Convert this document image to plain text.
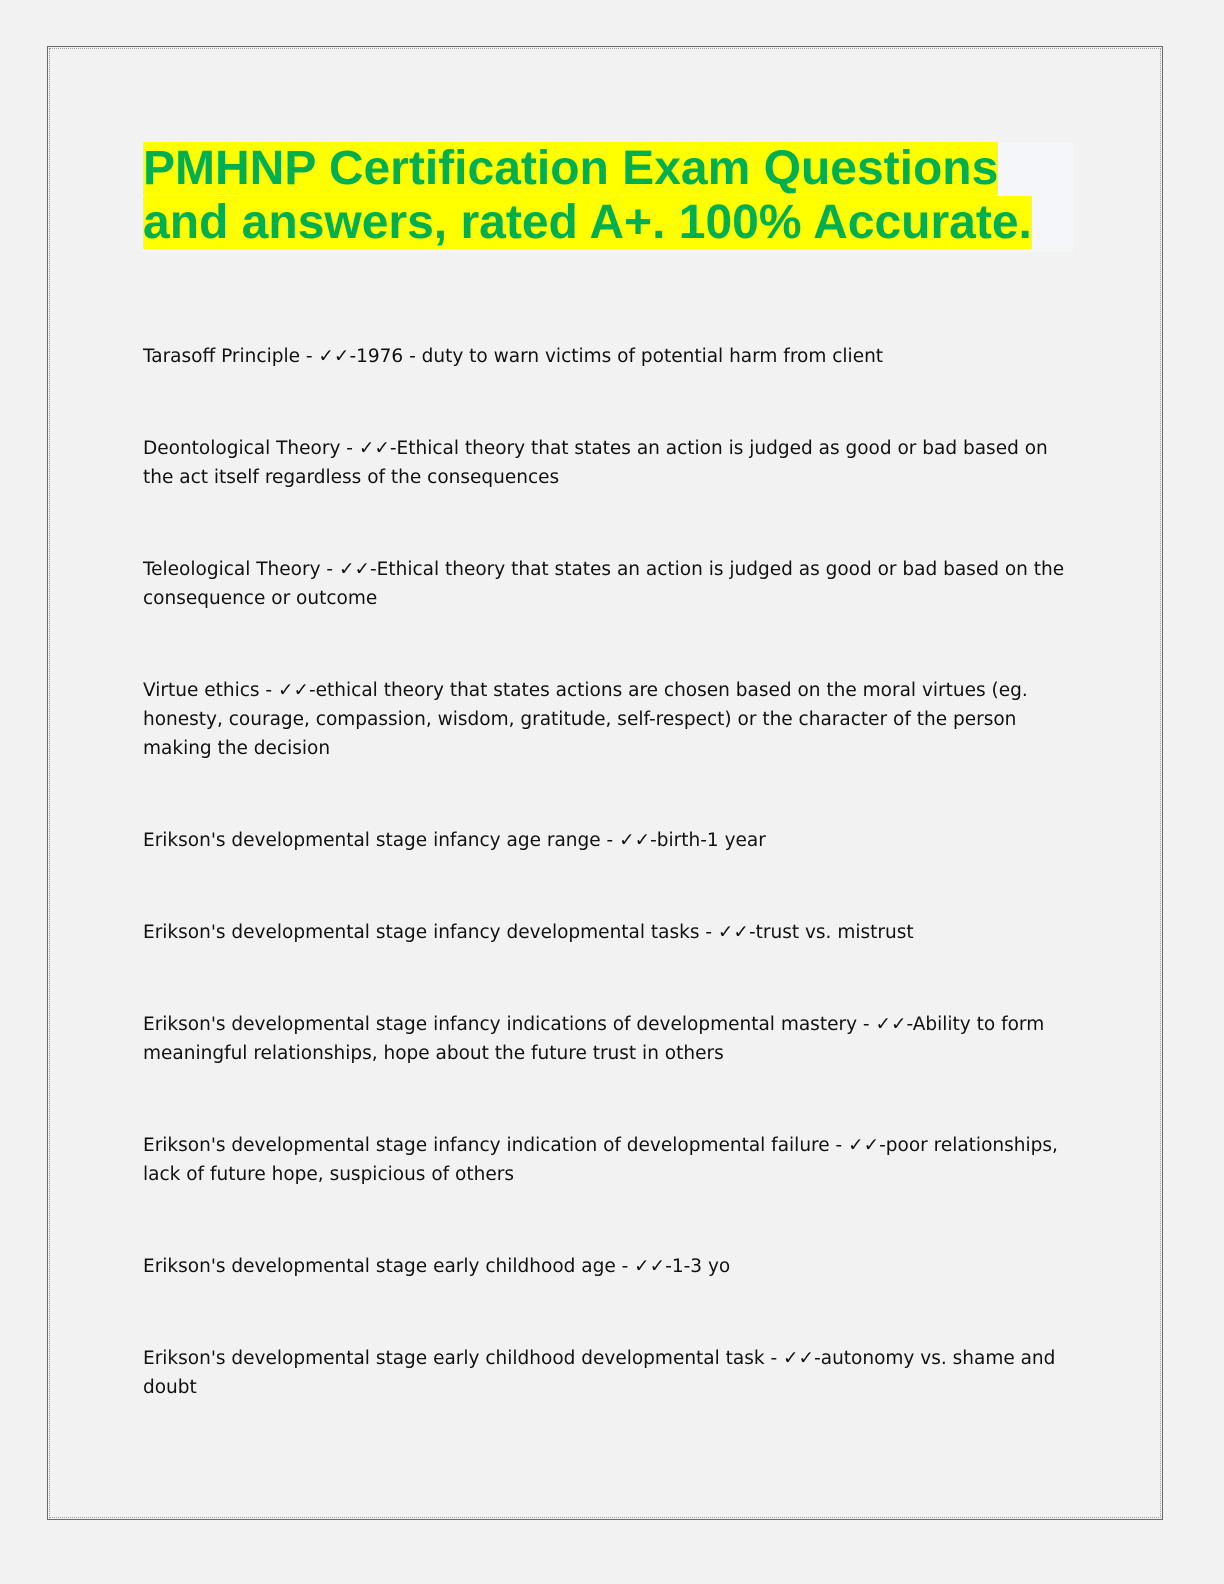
PMHNP Certification Exam Questions
and answers, rated A+. 100% Accurate.

Tarasoff Principle - ✓✓-1976 - duty to warn victims of potential harm from client

Deontological Theory - ✓✓-Ethical theory that states an action is judged as good or bad based on the act itself regardless of the consequences

Teleological Theory - ✓✓-Ethical theory that states an action is judged as good or bad based on the consequence or outcome

Virtue ethics - ✓✓-ethical theory that states actions are chosen based on the moral virtues (eg. honesty, courage, compassion, wisdom, gratitude, self-respect) or the character of the person making the decision

Erikson's developmental stage infancy age range - ✓✓-birth-1 year

Erikson's developmental stage infancy developmental tasks - ✓✓-trust vs. mistrust

Erikson's developmental stage infancy indications of developmental mastery - ✓✓-Ability to form meaningful relationships, hope about the future trust in others

Erikson's developmental stage infancy indication of developmental failure - ✓✓-poor relationships, lack of future hope, suspicious of others

Erikson's developmental stage early childhood age - ✓✓-1-3 yo

Erikson's developmental stage early childhood developmental task - ✓✓-autonomy vs. shame and doubt
